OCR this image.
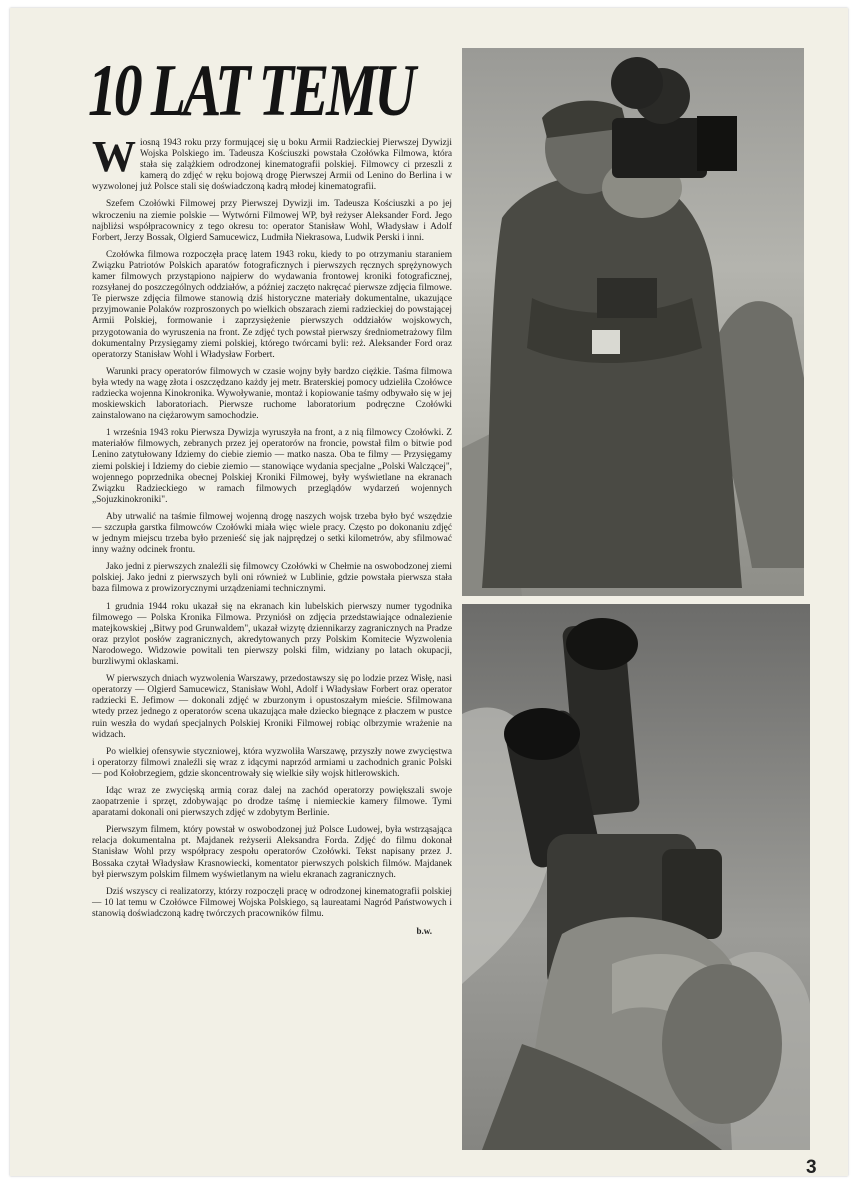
10 LAT TEMU

Wiosną 1943 roku przy formującej się u boku Armii Radzieckiej Pierwszej Dywizji Wojska Polskiego im. Tadeusza Kościuszki powstała Czołówka Filmowa, która stała się zalążkiem odrodzonej kinematografii polskiej. Filmowcy ci przeszli z kamerą do zdjęć w ręku bojową drogę Pierwszej Armii od Lenino do Berlina i w wyzwolonej już Polsce stali się doświadczoną kadrą młodej kinematografii.

Szefem Czołówki Filmowej przy Pierwszej Dywizji im. Tadeusza Kościuszki a po jej wkroczeniu na ziemie polskie — Wytwórni Filmowej WP, był reżyser Aleksander Ford. Jego najbliżsi współpracownicy z tego okresu to: operator Stanisław Wohl, Władysław i Adolf Forbert, Jerzy Bossak, Olgierd Samucewicz, Ludmiła Niekrasowa, Ludwik Perski i inni.

Czołówka filmowa rozpoczęła pracę latem 1943 roku, kiedy to po otrzymaniu staraniem Związku Patriotów Polskich aparatów fotograficznych i pierwszych ręcznych sprężynowych kamer filmowych przystąpiono najpierw do wydawania frontowej kroniki fotograficznej, rozsyłanej do poszczególnych oddziałów, a później zaczęto nakręcać pierwsze zdjęcia filmowe. Te pierwsze zdjęcia filmowe stanowią dziś historyczne materiały dokumentalne, ukazujące przyjmowanie Polaków rozproszonych po wielkich obszarach ziemi radzieckiej do powstającej Armii Polskiej, formowanie i zaprzysiężenie pierwszych oddziałów wojskowych, przygotowania do wyruszenia na front. Ze zdjęć tych powstał pierwszy średniometrażowy film dokumentalny Przysięgamy ziemi polskiej, którego twórcami byli: reż. Aleksander Ford oraz operatorzy Stanisław Wohl i Władysław Forbert.

Warunki pracy operatorów filmowych w czasie wojny były bardzo ciężkie. Taśma filmowa była wtedy na wagę złota i oszczędzano każdy jej metr. Braterskiej pomocy udzieliła Czołówce radziecka wojenna Kinokronika. Wywoływanie, montaż i kopiowanie taśmy odbywało się w jej moskiewskich laboratoriach. Pierwsze ruchome laboratorium podręczne Czołówki zainstalowano na ciężarowym samochodzie.

1 września 1943 roku Pierwsza Dywizja wyruszyła na front, a z nią filmowcy Czołówki. Z materiałów filmowych, zebranych przez jej operatorów na froncie, powstał film o bitwie pod Lenino zatytułowany Idziemy do ciebie ziemio — matko nasza. Oba te filmy — Przysięgamy ziemi polskiej i Idziemy do ciebie ziemio — stanowiące wydania specjalne „Polski Walczącej", wojennego poprzednika obecnej Polskiej Kroniki Filmowej, były wyświetlane na ekranach Związku Radzieckiego w ramach filmowych przeglądów wydarzeń wojennych „Sojuzkinokroniki".

Aby utrwalić na taśmie filmowej wojenną drogę naszych wojsk trzeba było być wszędzie — szczupła garstka filmowców Czołówki miała więc wiele pracy. Często po dokonaniu zdjęć w jednym miejscu trzeba było przenieść się jak najprędzej o setki kilometrów, aby sfilmować inny ważny odcinek frontu.

Jako jedni z pierwszych znaleźli się filmowcy Czołówki w Chełmie na oswobodzonej ziemi polskiej. Jako jedni z pierwszych byli oni również w Lublinie, gdzie powstała pierwsza stała baza filmowa z prowizorycznymi urządzeniami technicznymi.

1 grudnia 1944 roku ukazał się na ekranach kin lubelskich pierwszy numer tygodnika filmowego — Polska Kronika Filmowa. Przyniósł on zdjęcia przedstawiające odnalezienie matejkowskiej „Bitwy pod Grunwaldem", ukazał wizytę dziennikarzy zagranicznych na Pradze oraz przylot posłów zagranicznych, akredytowanych przy Polskim Komitecie Wyzwolenia Narodowego. Widzowie powitali ten pierwszy polski film, widziany po latach okupacji, burzliwymi oklaskami.

W pierwszych dniach wyzwolenia Warszawy, przedostawszy się po lodzie przez Wisłę, nasi operatorzy — Olgierd Samucewicz, Stanisław Wohl, Adolf i Władysław Forbert oraz operator radziecki E. Jefimow — dokonali zdjęć w zburzonym i opustoszałym mieście. Sfilmowana wtedy przez jednego z operatorów scena ukazująca małe dziecko biegnące z płaczem w pustce ruin weszła do wydań specjalnych Polskiej Kroniki Filmowej robiąc olbrzymie wrażenie na widzach.

Po wielkiej ofensywie styczniowej, która wyzwoliła Warszawę, przyszły nowe zwycięstwa i operatorzy filmowi znaleźli się wraz z idącymi naprzód armiami u zachodnich granic Polski — pod Kołobrzegiem, gdzie skoncentrowały się wielkie siły wojsk hitlerowskich.

Idąc wraz ze zwycięską armią coraz dalej na zachód operatorzy powiększali swoje zaopatrzenie i sprzęt, zdobywając po drodze taśmę i niemieckie kamery filmowe. Tymi aparatami dokonali oni pierwszych zdjęć w zdobytym Berlinie.

Pierwszym filmem, który powstał w oswobodzonej już Polsce Ludowej, była wstrząsająca relacja dokumentalna pt. Majdanek reżyserii Aleksandra Forda. Zdjęć do filmu dokonał Stanisław Wohl przy współpracy zespołu operatorów Czołówki. Tekst napisany przez J. Bossaka czytał Władysław Krasnowiecki, komentator pierwszych polskich filmów. Majdanek był pierwszym polskim filmem wyświetlanym na wielu ekranach zagranicznych.

Dziś wszyscy ci realizatorzy, którzy rozpoczęli pracę w odrodzonej kinematografii polskiej — 10 lat temu w Czołówce Filmowej Wojska Polskiego, są laureatami Nagród Państwowych i stanowią doświadczoną kadrę twórczych pracowników filmu.

b.w.
3
